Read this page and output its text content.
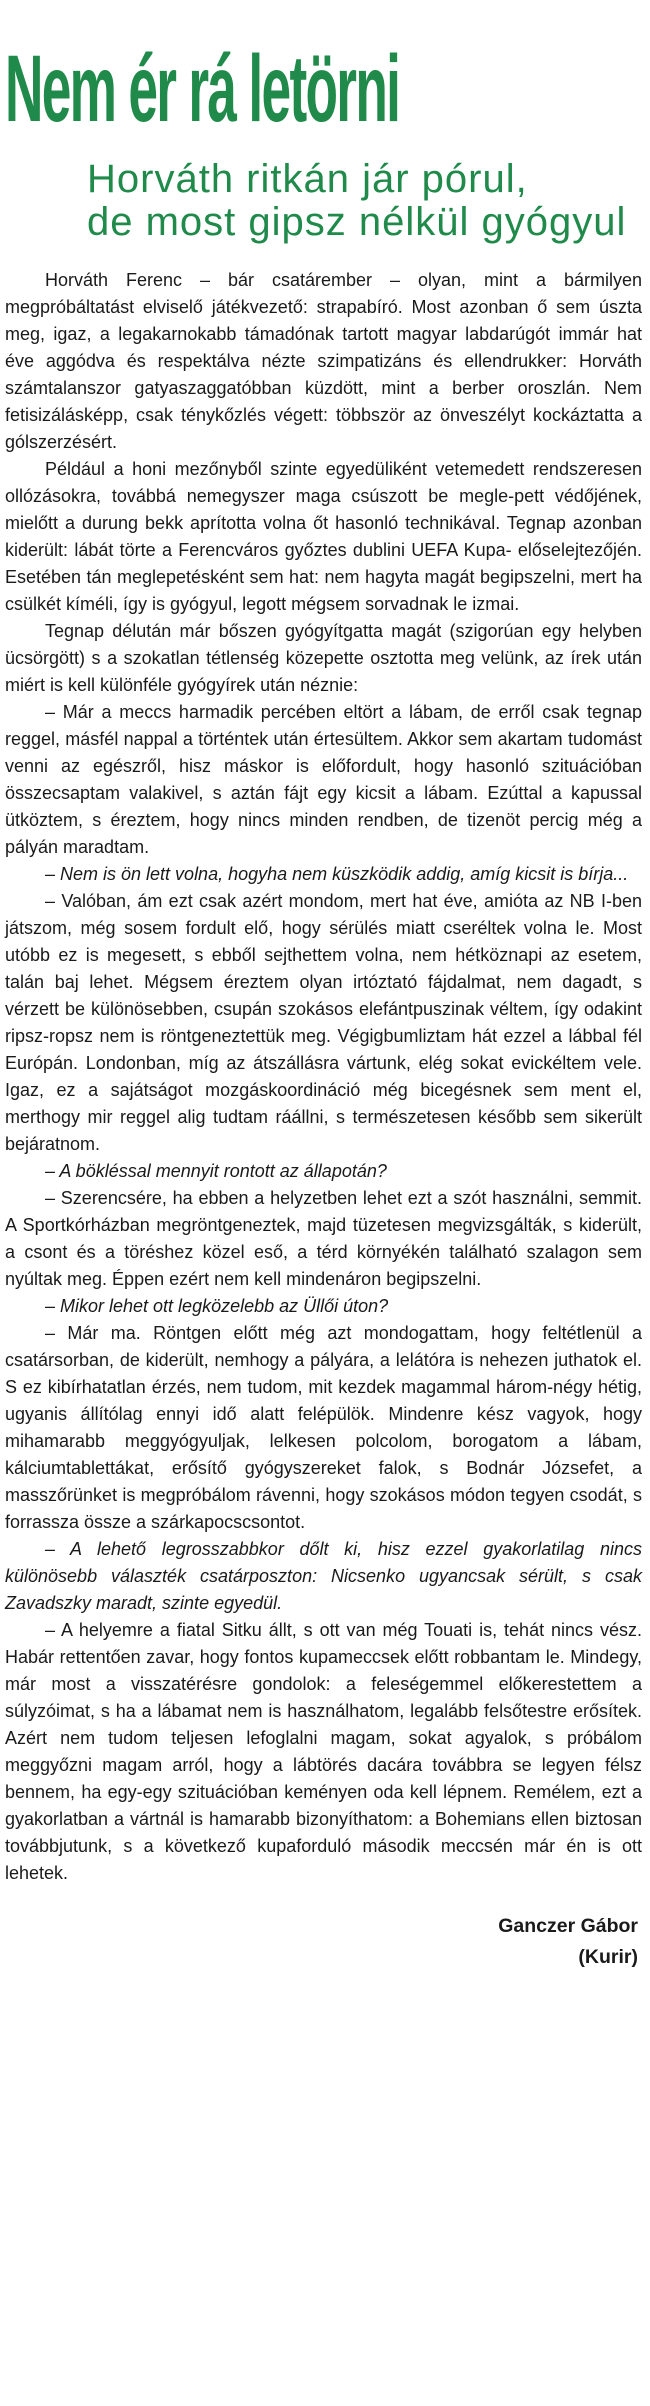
Nem ér rá letörni
Horváth ritkán jár pórul,
de most gipsz nélkül gyógyul

Horváth Ferenc – bár csatárember – olyan, mint a bármilyen megpróbáltatást elviselő játékvezető: strapabíró. Most azonban ő sem úszta meg, igaz, a legakarnokabb támadónak tartott magyar labdarúgót immár hat éve aggódva és respektálva nézte szimpatizáns és ellendrukker: Horváth számtalanszor gatyaszaggatóbban küzdött, mint a berber oroszlán. Nem fetisizálásképp, csak ténykőzlés végett: többször az önveszélyt kockáztatta a gólszerzésért.

Például a honi mezőnyből szinte egyedüliként vetemedett rendszeresen ollózásokra, továbbá nemegyszer maga csúszott be megle-pett védőjének, mielőtt a durung bekk aprította volna őt hasonló technikával. Tegnap azonban kiderült: lábát törte a Ferencváros győztes dublini UEFA Kupa- előselejtezőjén. Esetében tán meglepetésként sem hat: nem hagyta magát begipszelni, mert ha csülkét kíméli, így is gyógyul, legott mégsem sorvadnak le izmai.

Tegnap délután már bőszen gyógyítgatta magát (szigorúan egy helyben ücsörgött) s a szokatlan tétlenség közepette osztotta meg velünk, az írek után miért is kell különféle gyógyírek után néznie:

– Már a meccs harmadik percében eltört a lábam, de erről csak tegnap reggel, másfél nappal a történtek után értesültem. Akkor sem akartam tudomást venni az egészről, hisz máskor is előfordult, hogy hasonló szituációban összecsaptam valakivel, s aztán fájt egy kicsit a lábam. Ezúttal a kapussal ütköztem, s éreztem, hogy nincs minden rendben, de tizenöt percig még a pályán maradtam.

– Nem is ön lett volna, hogyha nem küszködik addig, amíg kicsit is bírja...

– Valóban, ám ezt csak azért mondom, mert hat éve, amióta az NB I-ben játszom, még sosem fordult elő, hogy sérülés miatt cseréltek volna le. Most utóbb ez is megesett, s ebből sejthettem volna, nem hétköznapi az esetem, talán baj lehet. Mégsem éreztem olyan irtóztató fájdalmat, nem dagadt, s vérzett be különösebben, csupán szokásos elefántpuszinak véltem, így odakint ripsz-ropsz nem is röntgeneztettük meg. Végigbumliztam hát ezzel a lábbal fél Európán. Londonban, míg az átszállásra vártunk, elég sokat evickéltem vele. Igaz, ez a sajátságot mozgáskoordináció még bicegésnek sem ment el, merthogy mir reggel alig tudtam ráállni, s természetesen később sem sikerült bejáratnom.

– A bökléssal mennyit rontott az állapotán?

– Szerencsére, ha ebben a helyzetben lehet ezt a szót használni, semmit. A Sportkórházban megröntgeneztek, majd tüzetesen megvizsgálták, s kiderült, a csont és a töréshez közel eső, a térd környékén található szalagon sem nyúltak meg. Éppen ezért nem kell mindenáron begipszelni.

– Mikor lehet ott legközelebb az Üllői úton?

– Már ma. Röntgen előtt még azt mondogattam, hogy feltétlenül a csatársorban, de kiderült, nemhogy a pályára, a lelátóra is nehezen juthatok el. S ez kibírhatatlan érzés, nem tudom, mit kezdek magammal három-négy hétig, ugyanis állítólag ennyi idő alatt felépülök. Mindenre kész vagyok, hogy mihamarabb meggyógyuljak, lelkesen polcolom, borogatom a lábam, kálciumtablettákat, erősítő gyógyszereket falok, s Bodnár Józsefet, a masszőrünket is megpróbálom rávenni, hogy szokásos módon tegyen csodát, s forrassza össze a szárkapocscsontot.

– A lehető legrosszabbkor dőlt ki, hisz ezzel gyakorlatilag nincs különösebb választék csatárposzton: Nicsenko ugyancsak sérült, s csak Zavadszky maradt, szinte egyedül.

– A helyemre a fiatal Sitku állt, s ott van még Touati is, tehát nincs vész. Habár rettentően zavar, hogy fontos kupameccsek előtt robbantam le. Mindegy, már most a visszatérésre gondolok: a feleségemmel előkerestettem a súlyzóimat, s ha a lábamat nem is használhatom, legalább felsőtestre erősítek. Azért nem tudom teljesen lefoglalni magam, sokat agyalok, s próbálom meggyőzni magam arról, hogy a lábtörés dacára továbbra se legyen félsz bennem, ha egy-egy szituációban keményen oda kell lépnem. Remélem, ezt a gyakorlatban a vártnál is hamarabb bizonyíthatom: a Bohemians ellen biztosan továbbjutunk, s a következő kupaforduló második meccsén már én is ott lehetek.

Ganczer Gábor
(Kurir)
